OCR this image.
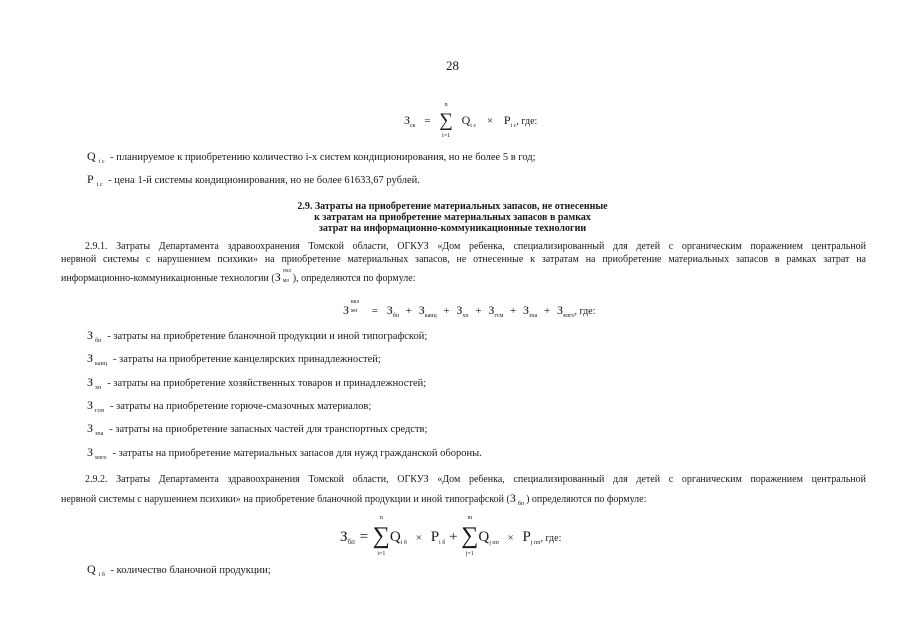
28
$З_{ск}$ =
n
∑
i=1
$Q_{i с} \times P_{i с}$, где:
Q $_{i с}$ - планируемое к приобретению количество i-х систем кондиционирования, но не более 5 в год;
P $_{i с}$ - цена 1-й системы кондиционирования, но не более 61633,67 рублей.
2.9. Затраты на приобретение материальных запасов, не отнесенные
к затратам на приобретение материальных запасов в рамках
затрат на информационно-коммуникационные технологии
2.9.1. Затраты Департамента здравоохранения Томской области, ОГКУЗ «Дом ребенка, специализированный для детей с органическим поражением центральной
нервной системы с нарушением психики» на приобретение материальных запасов, не отнесенные к затратам на приобретение материальных запасов в рамках затрат на
информационно-коммуникационные технологии (З охз
мз ), определяются по формуле:
З
ккз
мз = $З_{бп} + З_{канц} + З_{хп} + З_{гсм} + З_{зпа} + З_{мзго}$, где:
З $_{бп}$ - затраты на приобретение бланочной продукции и иной типографской;
З $_{канц}$ - затраты на приобретение канцелярских принадлежностей;
З $_{хп}$ - затраты на приобретение хозяйственных товаров и принадлежностей;
З $_{гсм}$ - затраты на приобретение горюче-смазочных материалов;
З $_{зпа}$ - затраты на приобретение запасных частей для транспортных средств;
З $_{мзго}$ - затраты на приобретение материальных запасов для нужд гражданской обороны.
2.9.2. Затраты Департамента здравоохранения Томской области, ОГКУЗ «Дом ребенка, специализированный для детей с органическим поражением центральной
нервной системы с нарушением психики» на приобретение бланочной продукции и иной типографской (З $_{бп}$ ) определяются по формуле:
$З_{бп}$ =
n
∑
i=1
$Q_{i б} \times P_{i б}$ +
m
∑
j=1
$Q_{j пп} \times P_{j пп}$, где:
Q $_{i б}$ - количество бланочной продукции;
